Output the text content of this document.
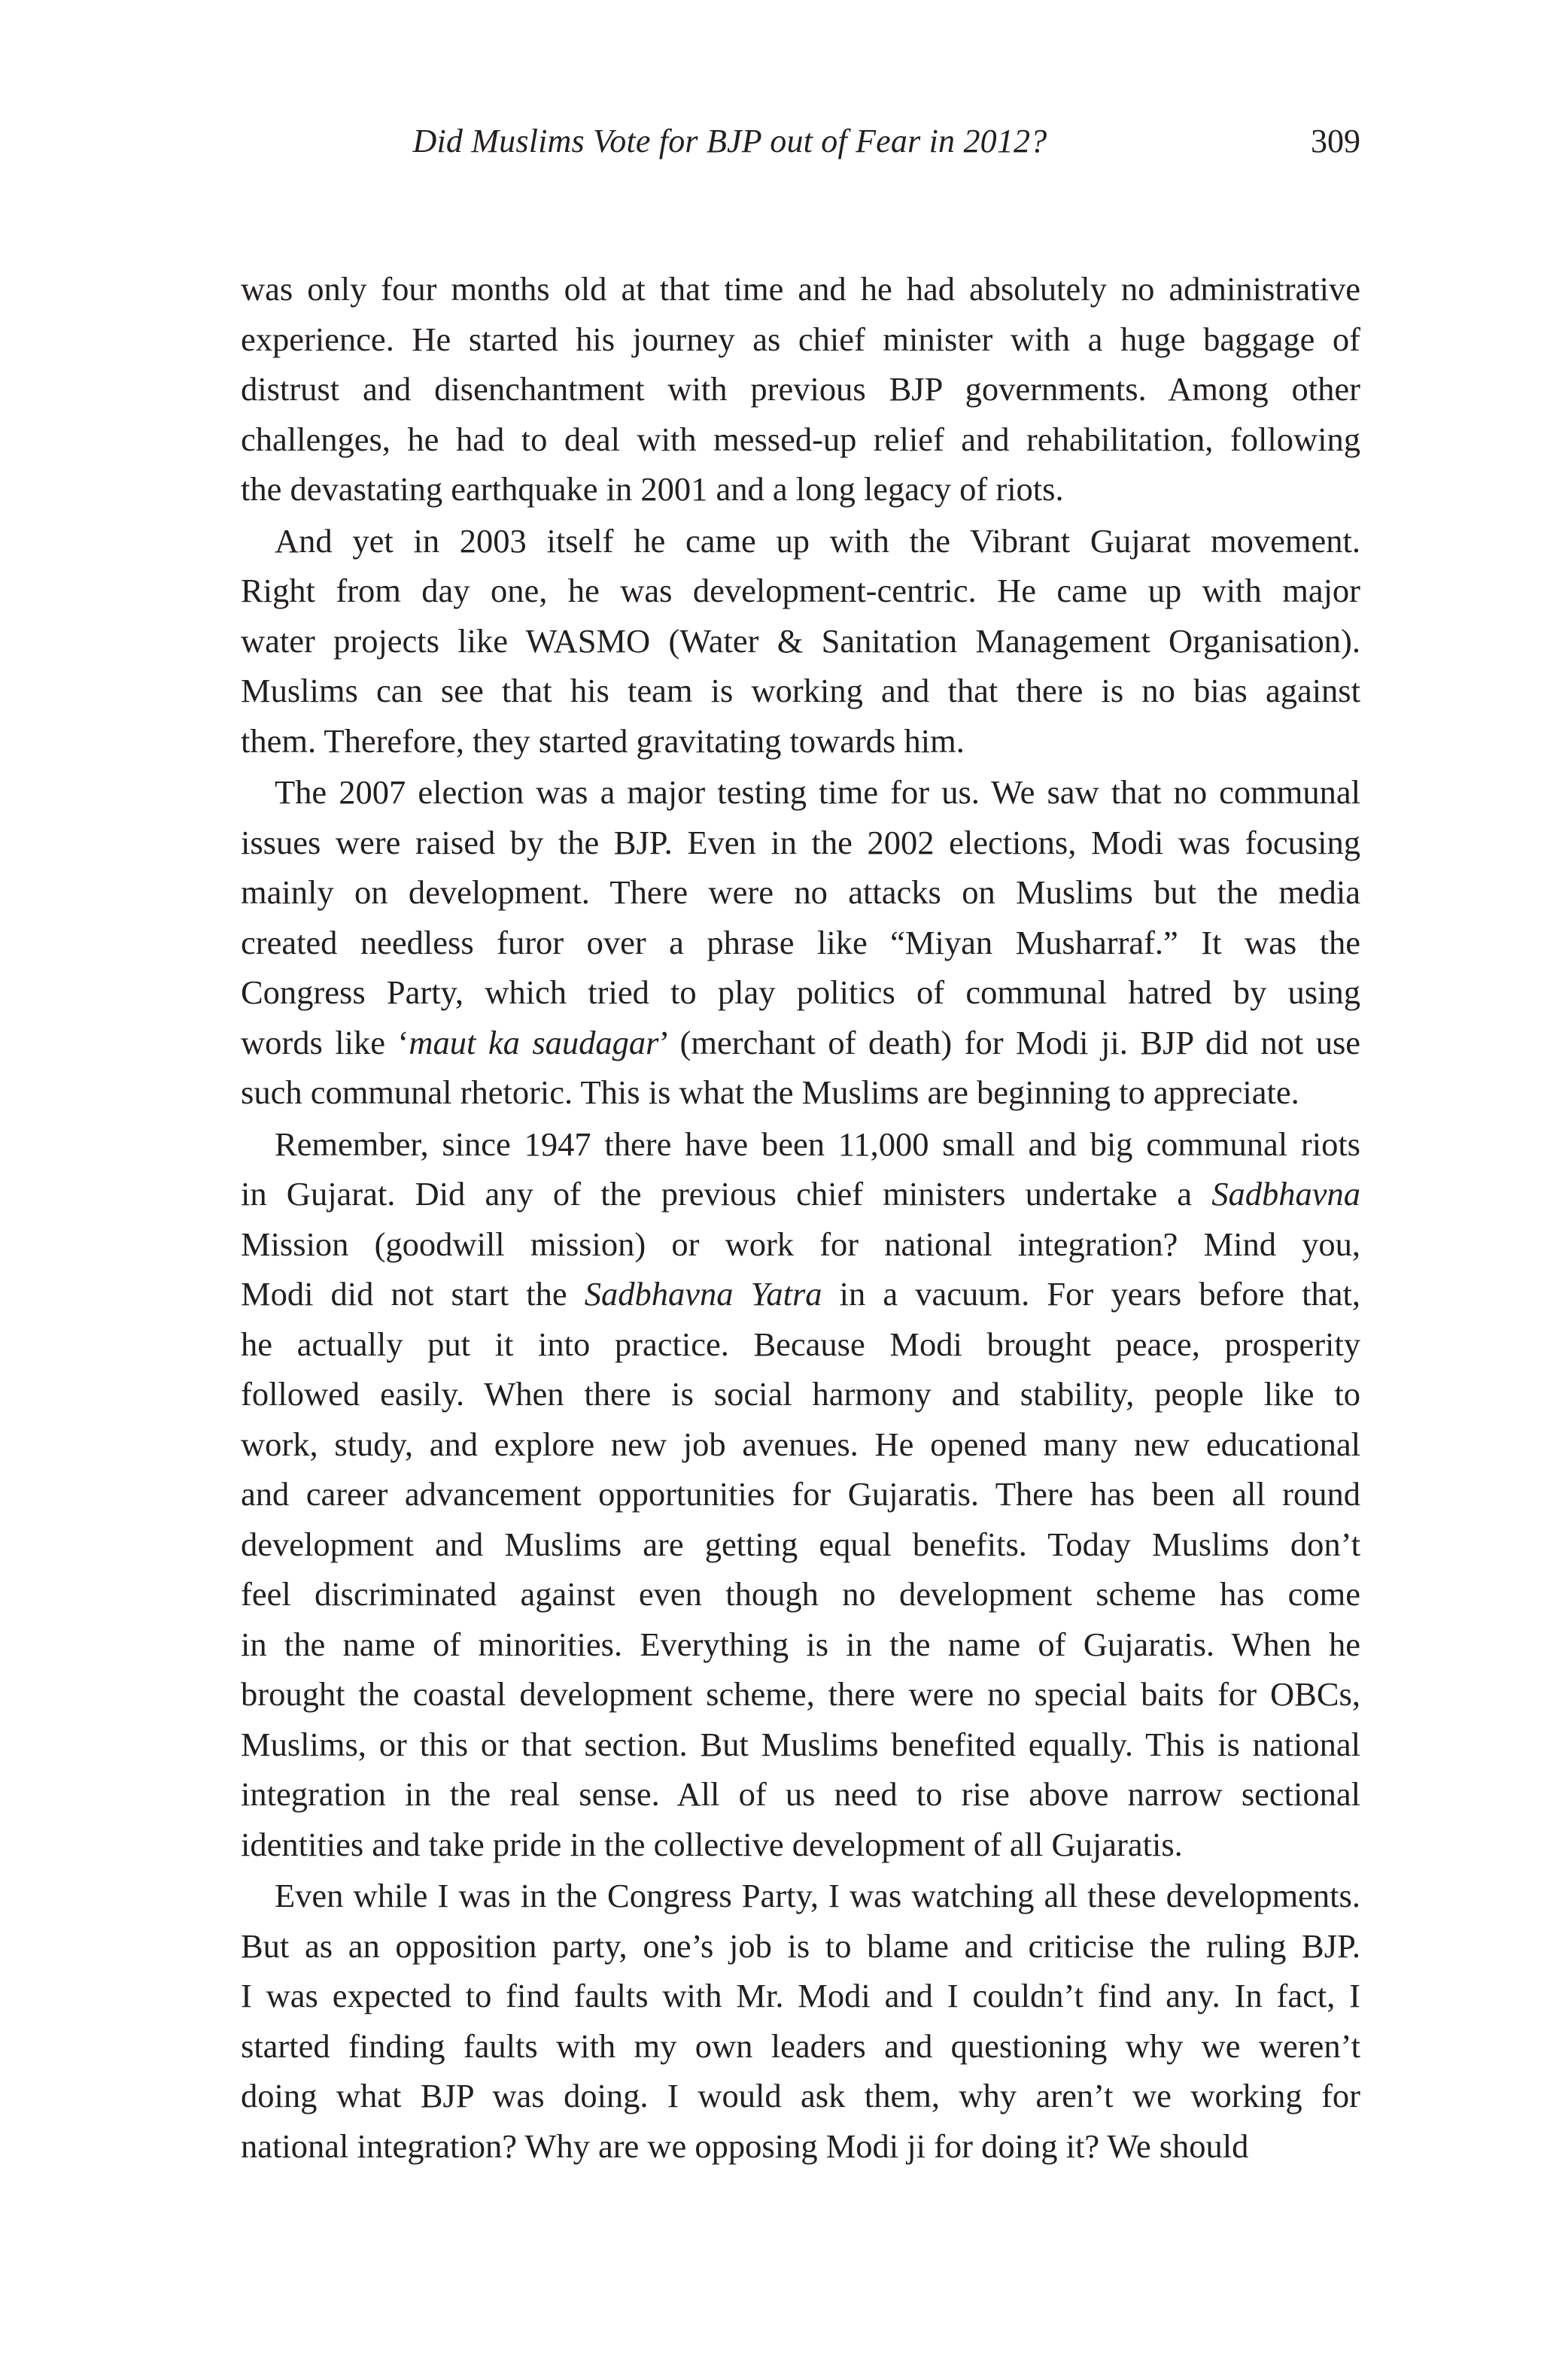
Did Muslims Vote for BJP out of Fear in 2012?	309

was only four months old at that time and he had absolutely no administrative
experience. He started his journey as chief minister with a huge baggage of
distrust and disenchantment with previous BJP governments. Among other
challenges, he had to deal with messed-up relief and rehabilitation, following
the devastating earthquake in 2001 and a long legacy of riots.

And yet in 2003 itself he came up with the Vibrant Gujarat movement.
Right from day one, he was development-centric. He came up with major
water projects like WASMO (Water & Sanitation Management Organisation).
Muslims can see that his team is working and that there is no bias against
them. Therefore, they started gravitating towards him.

The 2007 election was a major testing time for us. We saw that no communal
issues were raised by the BJP. Even in the 2002 elections, Modi was focusing
mainly on development. There were no attacks on Muslims but the media
created needless furor over a phrase like “Miyan Musharraf.” It was the
Congress Party, which tried to play politics of communal hatred by using
words like ‘maut ka saudagar’ (merchant of death) for Modi ji. BJP did not use
such communal rhetoric. This is what the Muslims are beginning to appreciate.

Remember, since 1947 there have been 11,000 small and big communal riots
in Gujarat. Did any of the previous chief ministers undertake a Sadbhavna
Mission (goodwill mission) or work for national integration? Mind you,
Modi did not start the Sadbhavna Yatra in a vacuum. For years before that,
he actually put it into practice. Because Modi brought peace, prosperity
followed easily. When there is social harmony and stability, people like to
work, study, and explore new job avenues. He opened many new educational
and career advancement opportunities for Gujaratis. There has been all round
development and Muslims are getting equal benefits. Today Muslims don’t
feel discriminated against even though no development scheme has come
in the name of minorities. Everything is in the name of Gujaratis. When he
brought the coastal development scheme, there were no special baits for OBCs,
Muslims, or this or that section. But Muslims benefited equally. This is national
integration in the real sense. All of us need to rise above narrow sectional
identities and take pride in the collective development of all Gujaratis.

Even while I was in the Congress Party, I was watching all these developments.
But as an opposition party, one’s job is to blame and criticise the ruling BJP.
I was expected to find faults with Mr. Modi and I couldn’t find any. In fact, I
started finding faults with my own leaders and questioning why we weren’t
doing what BJP was doing. I would ask them, why aren’t we working for
national integration? Why are we opposing Modi ji for doing it? We should
